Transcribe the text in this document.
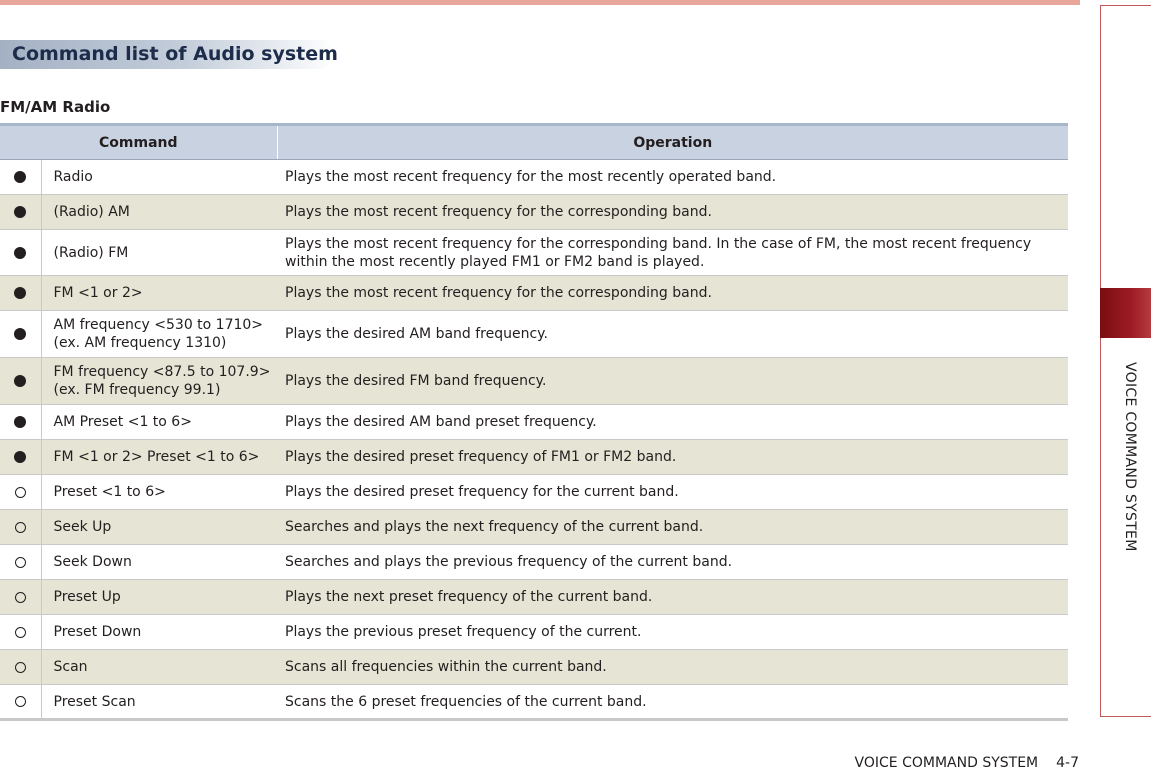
Command list of Audio system
FM/AM Radio
Command		Operation
	Radio	Plays the most recent frequency for the most recently operated band.
	(Radio) AM	Plays the most recent frequency for the corresponding band.
	(Radio) FM	Plays the most recent frequency for the corresponding band. In the case of FM, the most recent frequency within the most recently played FM1 or FM2 band is played.
	FM <1 or 2>	Plays the most recent frequency for the corresponding band.
	AM frequency <530 to 1710> (ex. AM frequency 1310)	Plays the desired AM band frequency.
	FM frequency <87.5 to 107.9> (ex. FM frequency 99.1)	Plays the desired FM band frequency.
	AM Preset <1 to 6>	Plays the desired AM band preset frequency.
	FM <1 or 2> Preset <1 to 6>	Plays the desired preset frequency of FM1 or FM2 band.
	Preset <1 to 6>	Plays the desired preset frequency for the current band.
	Seek Up	Searches and plays the next frequency of the current band.
	Seek Down	Searches and plays the previous frequency of the current band.
	Preset Up	Plays the next preset frequency of the current band.
	Preset Down	Plays the previous preset frequency of the current.
	Scan	Scans all frequencies within the current band.
	Preset Scan	Scans the 6 preset frequencies of the current band.
VOICE COMMAND SYSTEM
VOICE COMMAND SYSTEM 4-7
